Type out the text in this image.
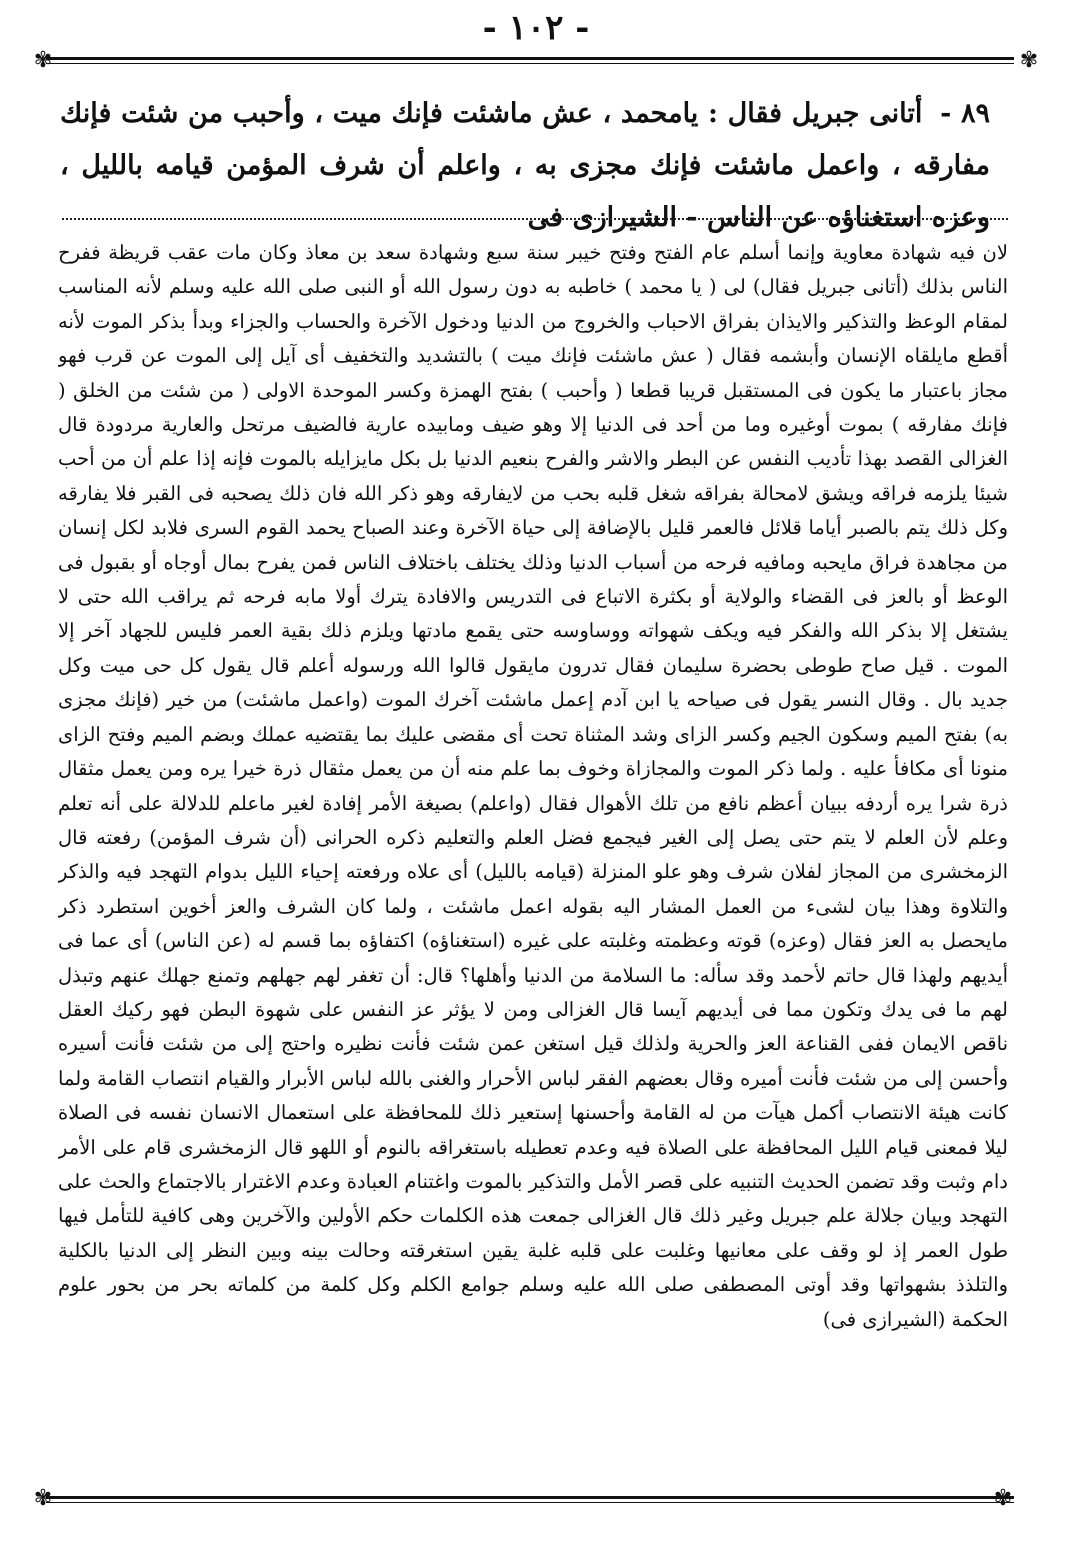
- ١٠٢ -
✾	✾
✾	✾
٨٩ - أتانى جبريل فقال : يامحمد ، عش ماشئت فإنك ميت ، وأحبب من شئت فإنك مفارقه ، واعمل ماشئت فإنك مجزى به ، واعلم أن شرف المؤمن قيامه بالليل ، وعزه استغناؤه عن الناس - الشيرازى فى
لان فيه شهادة معاوية وإنما أسلم عام الفتح وفتح خيبر سنة سبع وشهادة سعد بن معاذ وكان مات عقب قريظة ففرح الناس بذلك (أتانى جبريل فقال) لى ( يا محمد ) خاطبه به دون رسول الله أو النبى صلى الله عليه وسلم لأنه المناسب لمقام الوعظ والتذكير والايذان بفراق الاحباب والخروج من الدنيا ودخول الآخرة والحساب والجزاء وبدأ بذكر الموت لأنه أقطع مايلقاه الإنسان وأبشمه فقال ( عش ماشئت فإنك ميت ) بالتشديد والتخفيف أى آيل إلى الموت عن قرب فهو مجاز باعتبار ما يكون فى المستقبل قريبا قطعا ( وأحبب ) بفتح الهمزة وكسر الموحدة الاولى ( من شئت من الخلق ( فإنك مفارقه ) بموت أوغيره وما من أحد فى الدنيا إلا وهو ضيف ومابيده عارية فالضيف مرتحل والعارية مردودة قال الغزالى القصد بهذا تأديب النفس عن البطر والاشر والفرح بنعيم الدنيا بل بكل مايزايله بالموت فإنه إذا علم أن من أحب شيئا يلزمه فراقه ويشق لامحالة بفراقه شغل قلبه بحب من لايفارقه وهو ذكر الله فان ذلك يصحبه فى القبر فلا يفارقه وكل ذلك يتم بالصبر أياما قلائل فالعمر قليل بالإضافة إلى حياة الآخرة وعند الصباح يحمد القوم السرى فلابد لكل إنسان من مجاهدة فراق مايحبه ومافيه فرحه من أسباب الدنيا وذلك يختلف باختلاف الناس فمن يفرح بمال أوجاه أو بقبول فى الوعظ أو بالعز فى القضاء والولاية أو بكثرة الاتباع فى التدريس والافادة يترك أولا مابه فرحه ثم يراقب الله حتى لا يشتغل إلا بذكر الله والفكر فيه ويكف شهواته ووساوسه حتى يقمع مادتها ويلزم ذلك بقية العمر فليس للجهاد آخر إلا الموت . قيل صاح طوطى بحضرة سليمان فقال تدرون مايقول قالوا الله ورسوله أعلم قال يقول كل حى ميت وكل جديد بال . وقال النسر يقول فى صياحه يا ابن آدم إعمل ماشئت آخرك الموت (واعمل ماشئت) من خير (فإنك مجزى به) بفتح الميم وسكون الجيم وكسر الزاى وشد المثناة تحت أى مقضى عليك بما يقتضيه عملك وبضم الميم وفتح الزاى منونا أى مكافأ عليه . ولما ذكر الموت والمجازاة وخوف بما علم منه أن من يعمل مثقال ذرة خيرا يره ومن يعمل مثقال ذرة شرا يره أردفه ببيان أعظم نافع من تلك الأهوال فقال (واعلم) بصيغة الأمر إفادة لغير ماعلم للدلالة على أنه تعلم وعلم لأن العلم لا يتم حتى يصل إلى الغير فيجمع فضل العلم والتعليم ذكره الحرانى (أن شرف المؤمن) رفعته قال الزمخشرى من المجاز لفلان شرف وهو علو المنزلة (قيامه بالليل) أى علاه ورفعته إحياء الليل بدوام التهجد فيه والذكر والتلاوة وهذا بيان لشىء من العمل المشار اليه بقوله اعمل ماشئت ، ولما كان الشرف والعز أخوين استطرد ذكر مايحصل به العز فقال (وعزه) قوته وعظمته وغلبته على غيره (استغناؤه) اكتفاؤه بما قسم له (عن الناس) أى عما فى أيديهم ولهذا قال حاتم لأحمد وقد سأله: ما السلامة من الدنيا وأهلها؟ قال: أن تغفر لهم جهلهم وتمنع جهلك عنهم وتبذل لهم ما فى يدك وتكون مما فى أيديهم آيسا قال الغزالى ومن لا يؤثر عز النفس على شهوة البطن فهو ركيك العقل ناقص الايمان ففى القناعة العز والحرية ولذلك قيل استغن عمن شئت فأنت نظيره واحتج إلى من شئت فأنت أسيره وأحسن إلى من شئت فأنت أميره وقال بعضهم الفقر لباس الأحرار والغنى بالله لباس الأبرار والقيام انتصاب القامة ولما كانت هيئة الانتصاب أكمل هيآت من له القامة وأحسنها إستعير ذلك للمحافظة على استعمال الانسان نفسه فى الصلاة ليلا فمعنى قيام الليل المحافظة على الصلاة فيه وعدم تعطيله باستغراقه بالنوم أو اللهو قال الزمخشرى قام على الأمر دام وثبت وقد تضمن الحديث التنبيه على قصر الأمل والتذكير بالموت واغتنام العبادة وعدم الاغترار بالاجتماع والحث على التهجد وبيان جلالة علم جبريل وغير ذلك قال الغزالى جمعت هذه الكلمات حكم الأولين والآخرين وهى كافية للتأمل فيها طول العمر إذ لو وقف على معانيها وغلبت على قلبه غلبة يقين استغرقته وحالت بينه وبين النظر إلى الدنيا بالكلية والتلذذ بشهواتها وقد أوتى المصطفى صلى الله عليه وسلم جوامع الكلم وكل كلمة من كلماته بحر من بحور علوم الحكمة (الشيرازى فى)
